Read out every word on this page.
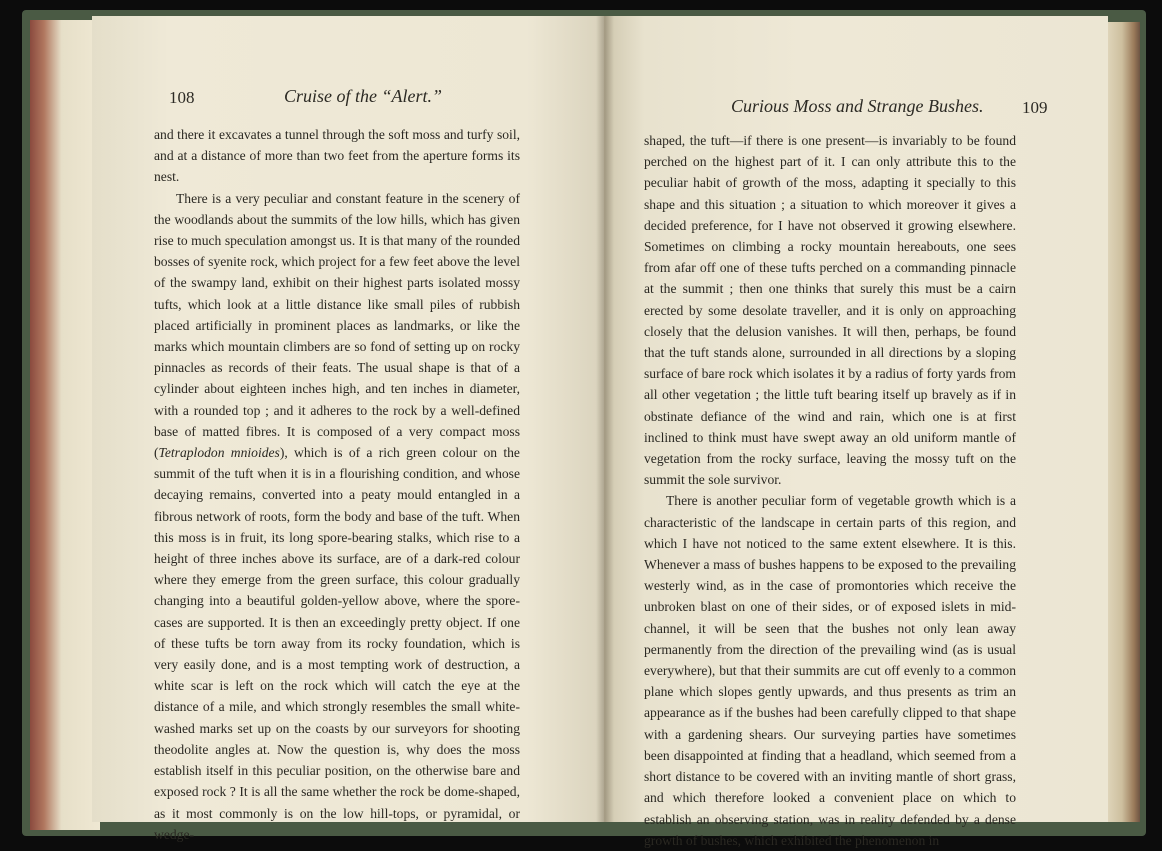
108	Cruise of the “Alert.”

and there it excavates a tunnel through the soft moss and turfy soil, and at a distance of more than two feet from the aperture forms its nest.

There is a very peculiar and constant feature in the scenery of the woodlands about the summits of the low hills, which has given rise to much speculation amongst us. It is that many of the rounded bosses of syenite rock, which project for a few feet above the level of the swampy land, exhibit on their highest parts isolated mossy tufts, which look at a little distance like small piles of rubbish placed artificially in prominent places as landmarks, or like the marks which mountain climbers are so fond of setting up on rocky pinnacles as records of their feats. The usual shape is that of a cylinder about eighteen inches high, and ten inches in diameter, with a rounded top ; and it adheres to the rock by a well-defined base of matted fibres. It is composed of a very compact moss (Tetraplodon mnioides), which is of a rich green colour on the summit of the tuft when it is in a flourishing condition, and whose decaying remains, converted into a peaty mould entangled in a fibrous network of roots, form the body and base of the tuft. When this moss is in fruit, its long spore-bearing stalks, which rise to a height of three inches above its surface, are of a dark-red colour where they emerge from the green surface, this colour gradually changing into a beautiful golden-yellow above, where the spore-cases are supported. It is then an exceedingly pretty object. If one of these tufts be torn away from its rocky foundation, which is very easily done, and is a most tempting work of destruction, a white scar is left on the rock which will catch the eye at the distance of a mile, and which strongly resembles the small white-washed marks set up on the coasts by our surveyors for shooting theodolite angles at. Now the question is, why does the moss establish itself in this peculiar position, on the otherwise bare and exposed rock ? It is all the same whether the rock be dome-shaped, as it most commonly is on the low hill-tops, or pyramidal, or wedge-

Curious Moss and Strange Bushes. 109

shaped, the tuft—if there is one present—is invariably to be found perched on the highest part of it. I can only attribute this to the peculiar habit of growth of the moss, adapting it specially to this shape and this situation ; a situation to which moreover it gives a decided preference, for I have not observed it growing elsewhere. Sometimes on climbing a rocky mountain hereabouts, one sees from afar off one of these tufts perched on a commanding pinnacle at the summit ; then one thinks that surely this must be a cairn erected by some desolate traveller, and it is only on approaching closely that the delusion vanishes. It will then, perhaps, be found that the tuft stands alone, surrounded in all directions by a sloping surface of bare rock which isolates it by a radius of forty yards from all other vegetation ; the little tuft bearing itself up bravely as if in obstinate defiance of the wind and rain, which one is at first inclined to think must have swept away an old uniform mantle of vegetation from the rocky surface, leaving the mossy tuft on the summit the sole survivor.

There is another peculiar form of vegetable growth which is a characteristic of the landscape in certain parts of this region, and which I have not noticed to the same extent elsewhere. It is this. Whenever a mass of bushes happens to be exposed to the prevailing westerly wind, as in the case of promontories which receive the unbroken blast on one of their sides, or of exposed islets in mid-channel, it will be seen that the bushes not only lean away permanently from the direction of the prevailing wind (as is usual everywhere), but that their summits are cut off evenly to a common plane which slopes gently upwards, and thus presents as trim an appearance as if the bushes had been carefully clipped to that shape with a gardening shears. Our surveying parties have sometimes been disappointed at finding that a headland, which seemed from a short distance to be covered with an inviting mantle of short grass, and which therefore looked a convenient place on which to establish an observing station, was in reality defended by a dense growth of bushes, which exhibited the phenomenon in
